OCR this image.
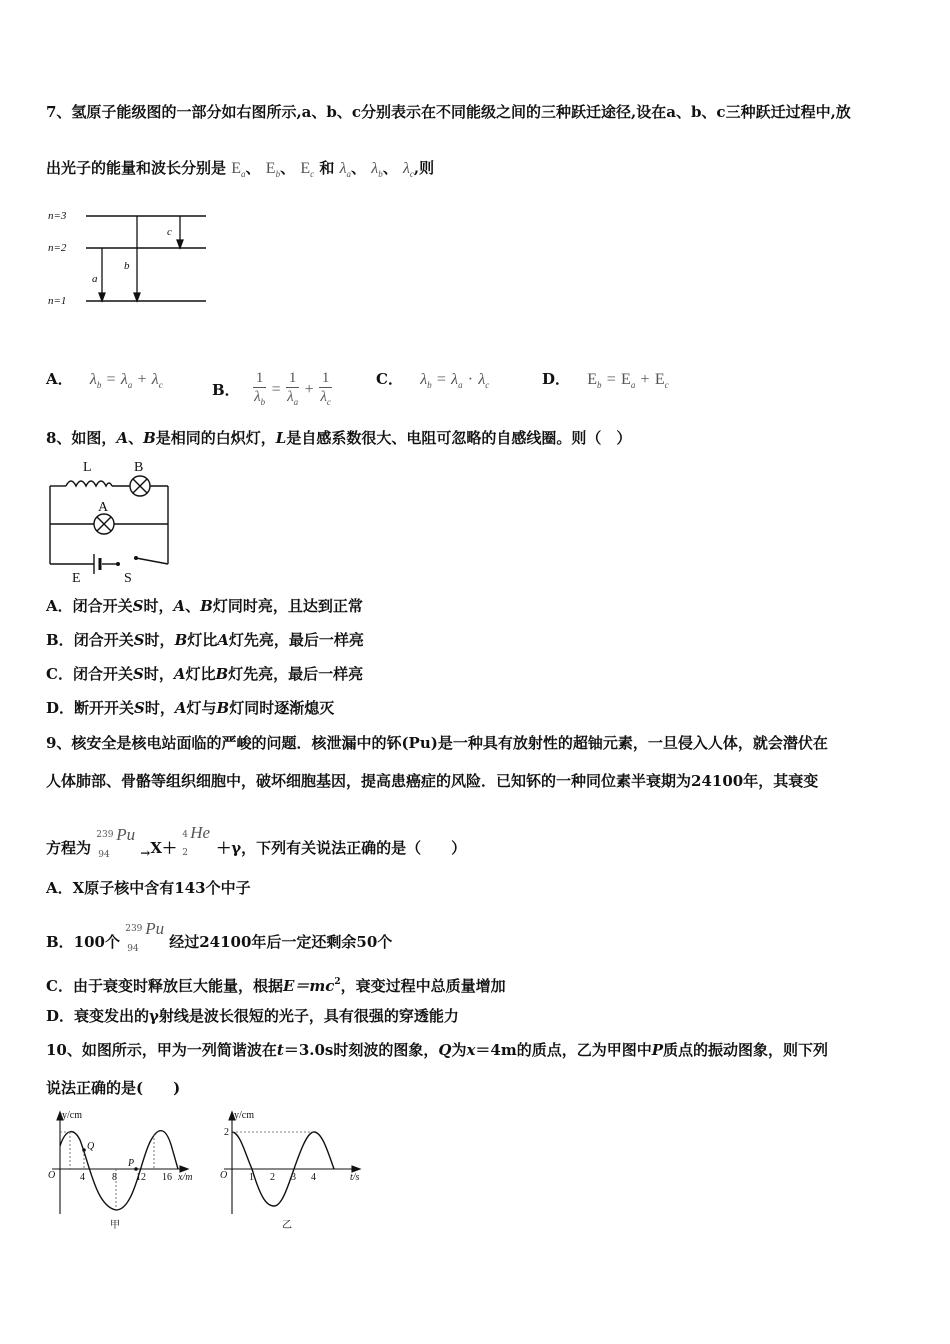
7、氢原子能级图的一部分如右图所示,a、b、c分别表示在不同能级之间的三种跃迁途径,设在a、b、c三种跃迁过程中,放
出光子的能量和波长分别是 $E_a$、 $E_b$、 $E_c$ 和 $\lambda_a$、 $\lambda_b$、 $\lambda_c$,则
n=3
n=2
n=1
a
b
c
A． $\lambda_b = \lambda_a + \lambda_c$	B． $\frac{1}{\lambda_b} = \frac{1}{\lambda_a} + \frac{1}{\lambda_c}$	C． $\lambda_b = \lambda_a \cdot \lambda_c$	D． $E_b = E_a + E_c$
8、如图，A、B是相同的白炽灯，L是自感系数很大、电阻可忽略的自感线圈。则（　）
L	B
A
E	S
A．闭合开关S时，A、B灯同时亮，且达到正常
B．闭合开关S时，B灯比A灯先亮，最后一样亮
C．闭合开关S时，A灯比B灯先亮，最后一样亮
D．断开开关S时，A灯与B灯同时逐渐熄灭
9、核安全是核电站面临的严峻的问题．核泄漏中的钚(Pu)是一种具有放射性的超铀元素，一旦侵入人体，就会潜伏在
人体肺部、骨骼等组织细胞中，破坏细胞基因，提高患癌症的风险．已知钚的一种同位素半衰期为24100年，其衰变
方程为
239
94
Pu
$_\to$X＋
4
2
He
＋γ，下列有关说法正确的是（　　）
A．X原子核中含有143个中子
B．100个
239
94
Pu
经过24100年后一定还剩余50个
C．由于衰变时释放巨大能量，根据$E=mc^2$，衰变过程中总质量增加
D．衰变发出的γ射线是波长很短的光子，具有很强的穿透能力
10、如图所示，甲为一列简谐波在t＝3.0s时刻波的图象，Q为x＝4m的质点，乙为甲图中P质点的振动图象，则下列
说法正确的是(　　)
y/cm
O 4	8 12 16 x/m
Q
P
甲
y/cm
2
O 1 2 3 4	t/s
乙
